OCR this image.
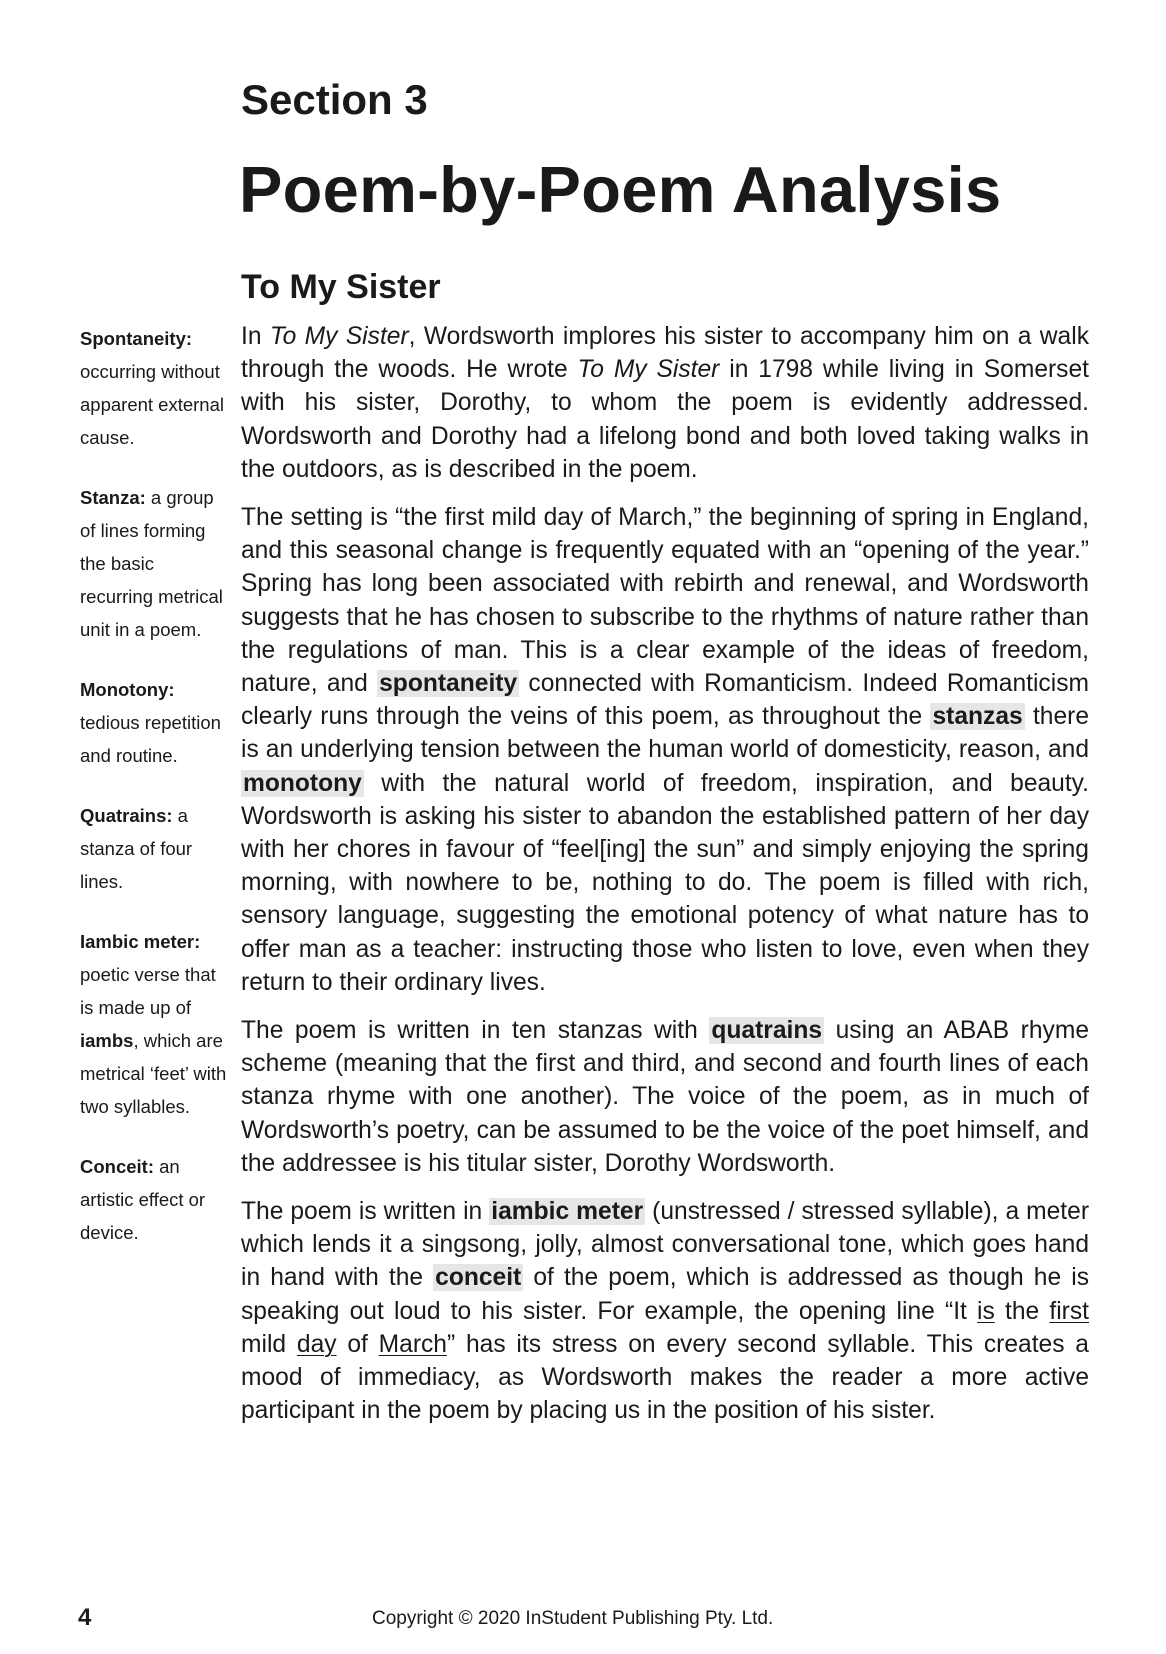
Section 3
Poem-by-Poem Analysis
To My Sister

Spontaneity: occurring without apparent external cause.

Stanza: a group of lines forming the basic recurring metrical unit in a poem.

Monotony: tedious repetition and routine.

Quatrains: a stanza of four lines.

Iambic meter: poetic verse that is made up of iambs, which are metrical ‘feet’ with two syllables.

Conceit: an artistic effect or device.

In To My Sister, Wordsworth implores his sister to accompany him on a walk through the woods. He wrote To My Sister in 1798 while living in Somerset with his sister, Dorothy, to whom the poem is evidently addressed. Wordsworth and Dorothy had a lifelong bond and both loved taking walks in the outdoors, as is described in the poem.

The setting is “the first mild day of March,” the beginning of spring in England, and this seasonal change is frequently equated with an “opening of the year.” Spring has long been associated with rebirth and renewal, and Wordsworth suggests that he has chosen to subscribe to the rhythms of nature rather than the regulations of man. This is a clear example of the ideas of freedom, nature, and spontaneity connected with Romanticism. Indeed Romanticism clearly runs through the veins of this poem, as throughout the stanzas there is an underlying tension between the human world of domesticity, reason, and monotony with the natural world of freedom, inspiration, and beauty. Wordsworth is asking his sister to abandon the established pattern of her day with her chores in favour of “feel[ing] the sun” and simply enjoying the spring morning, with nowhere to be, nothing to do. The poem is filled with rich, sensory language, suggesting the emotional potency of what nature has to offer man as a teacher: instructing those who listen to love, even when they return to their ordinary lives.

The poem is written in ten stanzas with quatrains using an ABAB rhyme scheme (meaning that the first and third, and second and fourth lines of each stanza rhyme with one another). The voice of the poem, as in much of Wordsworth’s poetry, can be assumed to be the voice of the poet himself, and the addressee is his titular sister, Dorothy Wordsworth.

The poem is written in iambic meter (unstressed / stressed syllable), a meter which lends it a singsong, jolly, almost conversational tone, which goes hand in hand with the conceit of the poem, which is addressed as though he is speaking out loud to his sister. For example, the opening line “It is the first mild day of March” has its stress on every second syllable. This creates a mood of immediacy, as Wordsworth makes the reader a more active participant in the poem by placing us in the position of his sister.

4	Copyright © 2020 InStudent Publishing Pty. Ltd.
